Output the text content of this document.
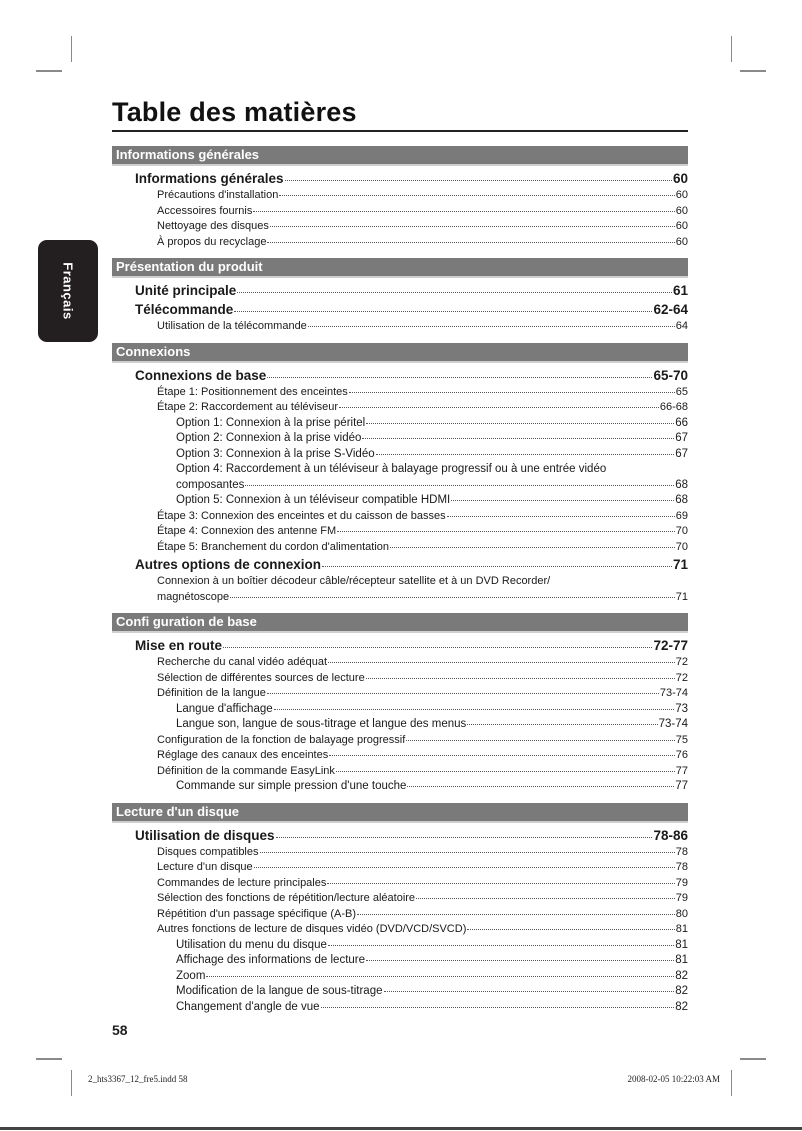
Table des matières
Français
Informations générales
Informations générales	60
Précautions d'installation	60
Accessoires fournis	60
Nettoyage des disques	60
À propos du recyclage	60
Présentation du produit
Unité principale	61
Télécommande	62-64
Utilisation de la télécommande	64
Connexions
Connexions de base	65-70
Étape 1: Positionnement des enceintes	65
Étape 2: Raccordement au téléviseur	66-68
Option 1: Connexion à la prise péritel	66
Option 2: Connexion à la prise vidéo	67
Option 3: Connexion à la prise S-Vidéo	67
Option 4: Raccordement à un téléviseur à balayage progressif ou à une entrée vidéo
composantes	68
Option 5: Connexion à un téléviseur compatible HDMI	68
Étape 3: Connexion des enceintes et du caisson de basses	69
Étape 4: Connexion des antenne FM	70
Étape 5: Branchement du cordon d'alimentation	70
Autres options de connexion	71
Connexion à un boîtier décodeur câble/récepteur satellite et à un DVD Recorder/
magnétoscope	71
Confi guration de base
Mise en route	72-77
Recherche du canal vidéo adéquat	72
Sélection de différentes sources de lecture	72
Définition de la langue	73-74
Langue d'affichage	73
Langue son, langue de sous-titrage et langue des menus	73-74
Configuration de la fonction de balayage progressif	75
Réglage des canaux des enceintes	76
Définition de la commande EasyLink	77
Commande sur simple pression d'une touche	77
Lecture d'un disque
Utilisation de disques	78-86
Disques compatibles	78
Lecture d'un disque	78
Commandes de lecture principales	79
Sélection des fonctions de répétition/lecture aléatoire	79
Répétition d'un passage spécifique (A-B)	80
Autres fonctions de lecture de disques vidéo (DVD/VCD/SVCD)	81
Utilisation du menu du disque	81
Affichage des informations de lecture	81
Zoom	82
Modification de la langue de sous-titrage	82
Changement d'angle de vue	82
58
2_hts3367_12_fre5.indd 58	2008-02-05 10:22:03 AM
